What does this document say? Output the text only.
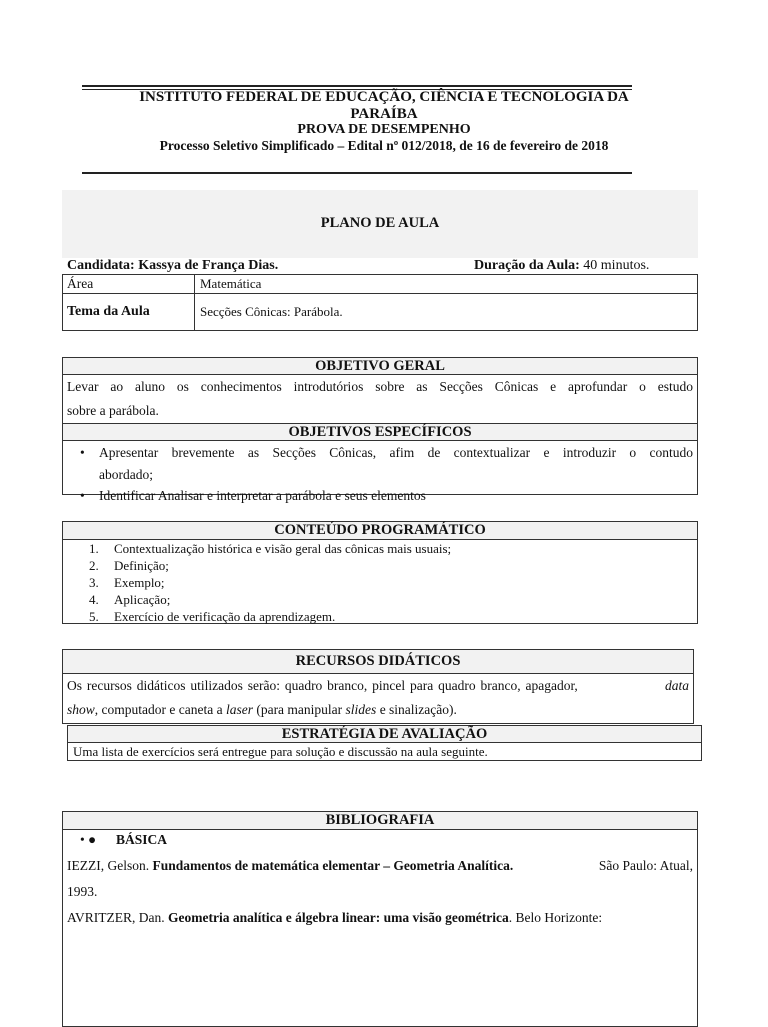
INSTITUTO FEDERAL DE EDUCAÇÃO, CIÊNCIA E TECNOLOGIA DA
PARAÍBA
PROVA DE DESEMPENHO
Processo Seletivo Simplificado – Edital nº 012/2018, de 16 de fevereiro de 2018
PLANO DE AULA
Candidata: Kassya de França Dias.	Duração da Aula: 40 minutos.
Área	Matemática
Tema da Aula	Secções Cônicas: Parábola.
OBJETIVO GERAL
Levar ao aluno os conhecimentos introdutórios sobre as Secções Cônicas e aprofundar o estudo
sobre a parábola.
OBJETIVOS ESPECÍFICOS
• Apresentar brevemente as Secções Cônicas, afim de contextualizar e introduzir o contudo
abordado;
• Identificar Analisar e interpretar a parábola e seus elementos
CONTEÚDO PROGRAMÁTICO
1. Contextualização histórica e visão geral das cônicas mais usuais;
2. Definição;
3. Exemplo;
4. Aplicação;
5. Exercício de verificação da aprendizagem.
RECURSOS DIDÁTICOS
Os recursos didáticos utilizados serão: quadro branco, pincel para quadro branco, apagador,	data
show, computador e caneta a laser (para manipular slides e sinalização).
ESTRATÉGIA DE AVALIAÇÃO
Uma lista de exercícios será entregue para solução e discussão na aula seguinte.
BIBLIOGRAFIA
• ● BÁSICA
IEZZI, Gelson. Fundamentos de matemática elementar – Geometria Analítica.	São Paulo: Atual,
1993.
AVRITZER, Dan. Geometria analítica e álgebra linear: uma visão geométrica. Belo Horizonte:
